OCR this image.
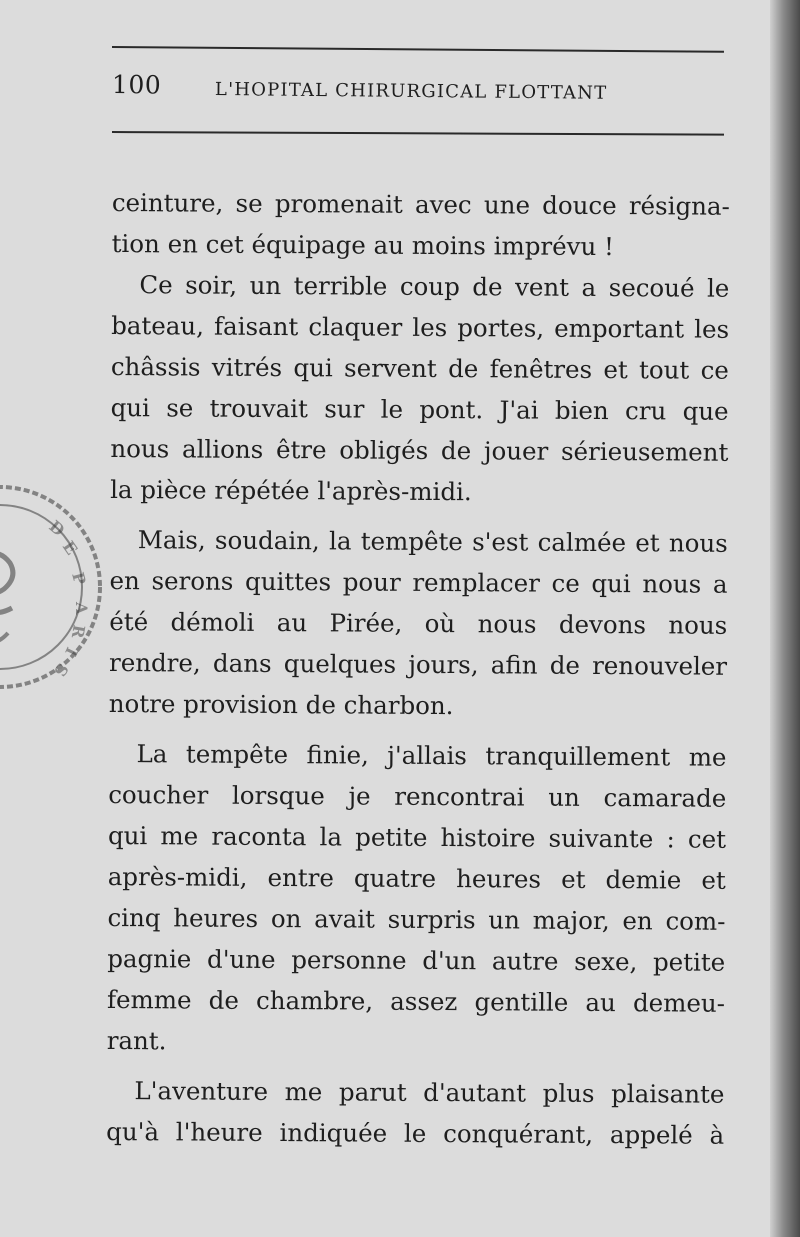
100	L'HOPITAL CHIRURGICAL FLOTTANT
ceinture, se promenait avec une douce résigna-
tion en cet équipage au moins imprévu !
Ce soir, un terrible coup de vent a secoué le
bateau, faisant claquer les portes, emportant les
châssis vitrés qui servent de fenêtres et tout ce
qui se trouvait sur le pont. J'ai bien cru que
nous allions être obligés de jouer sérieusement
la pièce répétée l'après-midi.
Mais, soudain, la tempête s'est calmée et nous
en serons quittes pour remplacer ce qui nous a
été démoli au Pirée, où nous devons nous
rendre, dans quelques jours, afin de renouveler
notre provision de charbon.
La tempête finie, j'allais tranquillement me
coucher lorsque je rencontrai un camarade
qui me raconta la petite histoire suivante : cet
après-midi, entre quatre heures et demie et
cinq heures on avait surpris un major, en com-
pagnie d'une personne d'un autre sexe, petite
femme de chambre, assez gentille au demeu-
rant.
L'aventure me parut d'autant plus plaisante
qu'à l'heure indiquée le conquérant, appelé à
D
E
P
A
R
I
S
